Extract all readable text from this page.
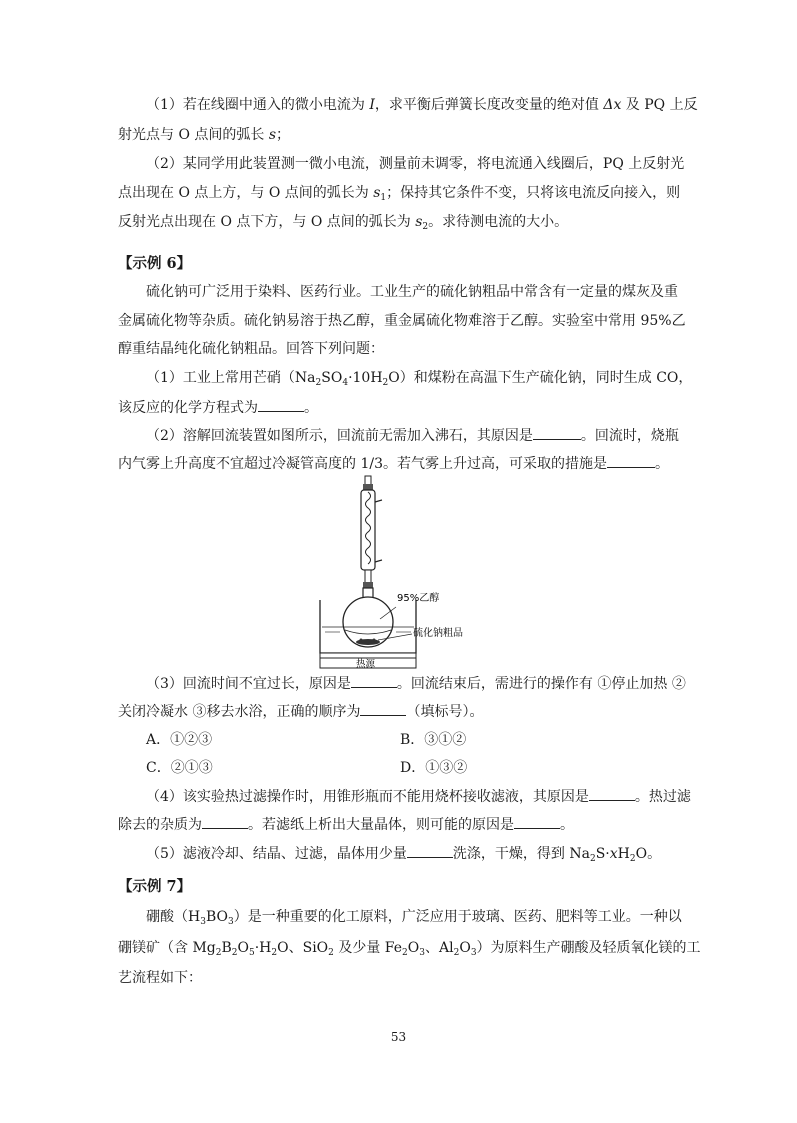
（1）若在线圈中通入的微小电流为 I，求平衡后弹簧长度改变量的绝对值 Δx 及 PQ 上反
射光点与 O 点间的弧长 s；
（2）某同学用此装置测一微小电流，测量前未调零，将电流通入线圈后，PQ 上反射光
点出现在 O 点上方，与 O 点间的弧长为 $s_1$；保持其它条件不变，只将该电流反向接入，则
反射光点出现在 O 点下方，与 O 点间的弧长为 $s_2$。求待测电流的大小。
【示例 6】
硫化钠可广泛用于染料、医药行业。工业生产的硫化钠粗品中常含有一定量的煤灰及重
金属硫化物等杂质。硫化钠易溶于热乙醇，重金属硫化物难溶于乙醇。实验室中常用 95%乙
醇重结晶纯化硫化钠粗品。回答下列问题：
（1）工业上常用芒硝$(Na_2SO_4\cdot 10H_2O)$和煤粉在高温下生产硫化钠，同时生成 CO，
该反应的化学方程式为	。
（2）溶解回流装置如图所示，回流前无需加入沸石，其原因是	。回流时，烧瓶
内气雾上升高度不宜超过冷凝管高度的 1/3。若气雾上升过高，可采取的措施是	。
95%乙醇
硫化钠粗品
热源
（3）回流时间不宜过长，原因是	。回流结束后，需进行的操作有 ①停止加热 ②
关闭冷凝水 ③移去水浴，正确的顺序为	（填标号）。
A．①②③	B．③①②
C．②①③	D．①③②
（4）该实验热过滤操作时，用锥形瓶而不能用烧杯接收滤液，其原因是	。热过滤
除去的杂质为	。若滤纸上析出大量晶体，则可能的原因是	。
（5）滤液冷却、结晶、过滤，晶体用少量	洗涤，干燥，得到 $Na_2S\cdot xH_2O$。
【示例 7】
硼酸$(H_3BO_3)$是一种重要的化工原料，广泛应用于玻璃、医药、肥料等工业。一种以
硼镁矿（含 $Mg_2B_2O_5\cdot H_2O$、SiO$_2$ 及少量 $Fe_2O_3$、$Al_2O_3$）为原料生产硼酸及轻质氧化镁的工
艺流程如下：
53
